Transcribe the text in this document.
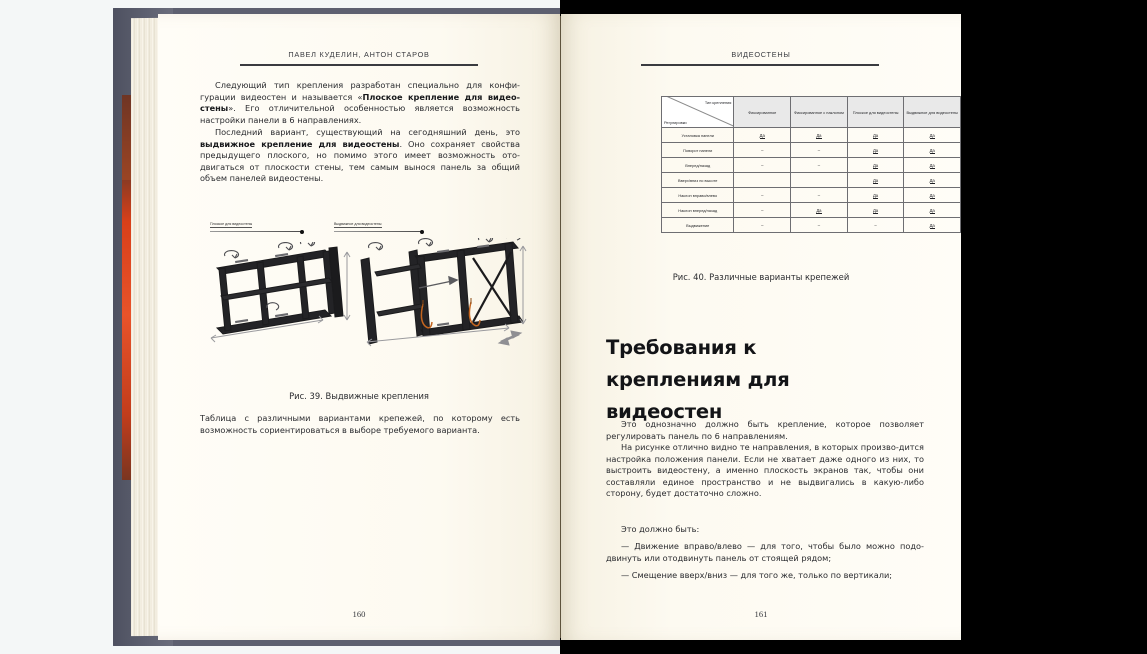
ПАВЕЛ КУДЕЛИН, АНТОН СТАРОВ

Следующий тип крепления разработан специально для конфи-гурации видеостен и называется «Плоское крепление для видео-стены». Его отличительной особенностью является возможность настройки панели в 6 направлениях.

Последний вариант, существующий на сегодняшний день, это выдвижное крепление для видеостены. Оно сохраняет свойства предыдущего плоского, но помимо этого имеет возможность ото-двигаться от плоскости стены, тем самым вынося панель за общий объем панелей видеостены.

Плоское для видеостены	Выдвижное для видеостены
Рис. 39. Выдвижные крепления

Таблица с различными вариантами крепежей, по которому есть возможность сориентироваться в выборе требуемого варианта.

160
ВИДЕОСТЕНЫ
Тип крепления
Регулировки	Фиксированное	Фиксированное с наклоном	Плоское для видеостены	Выдвижное для видеостены
Установка панели	Да	Да	Да	Да
Поворот панели	–	–	Да	Да
Вперед/назад	–	–	Да	Да
Вверх/вниз по высоте			Да	Да
Наклон вправо/влево	–	–	Да	Да
Наклон вперед/назад	–	Да	Да	Да
Выдвижение	–	–	–	Да
Рис. 40. Различные варианты крепежей
Требования к креплениям для видеостен

Это однозначно должно быть крепление, которое позволяет регулировать панель по 6 направлениям.

На рисунке отлично видно те направления, в которых произво-дится настройка положения панели. Если не хватает даже одного из них, то выстроить видеостену, а именно плоскость экранов так, чтобы они составляли единое пространство и не выдвигались в какую-либо сторону, будет достаточно сложно.

Это должно быть:

— Движение вправо/влево — для того, чтобы было можно подо-двинуть или отодвинуть панель от стоящей рядом;

— Смещение вверх/вниз — для того же, только по вертикали;

161
